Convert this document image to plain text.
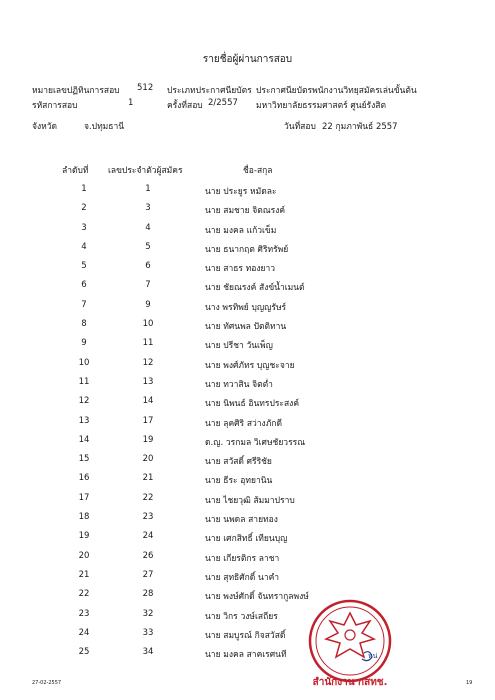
รายชื่อผู้ผ่านการสอบ
หมายเลขปฏิทินการสอบ 512 ประเภทประกาศนียบัตร ประกาศนียบัตรพนักงานวิทยุสมัครเล่นขั้นต้น
รหัสการสอบ	1	ครั้งที่สอบ 2/2557 มหาวิทยาลัยธรรมศาสตร์ ศูนย์รังสิต
จังหวัด	จ.ปทุมธานี	วันที่สอบ 22 กุมภาพันธ์ 2557
ลำดับที่ เลขประจำตัวผู้สมัคร	ชื่อ-สกุล
1	1	นาย ประยูร หมัดละ
2	3	นาย สมชาย จิตณรงค์
3	4	นาย มงคล แก้วเข็ม
4	5	นาย ธนากฤต ศิริทรัพย์
5	6	นาย สาธร ทองยาว
6	7	นาย ชัยณรงค์ สังข์น้ำเมนต์
7	9	นาง พรทิพย์ บุญญรัษร์
8	10	นาย ทัศนพล ปัตติทาน
9	11	นาย ปรีชา วันเพ็ญ
10	12	นาย พงศ์ภัทร บุญชะจาย
11	13	นาย ทวาสิน จิตต่ำ
12	14	นาย นิพนธ์ อินทรประสงค์
13	17	นาย ลุคศิริ สว่างภักดี
14	19	ด.ญ. วรกมล วิเศษชัยวรรณ
15	20	นาย สวัสดิ์ ศรีริชัย
16	21	นาย ธีระ อุทยานิน
17	22	นาย ไชยวุฒิ ส้มมาปราบ
18	23	นาย นพดล สายทอง
19	24	นาย เศกสิทธิ์ เทียนบุญ
20	26	นาย เกียรติกร ลาชา
21	27	นาย สุทธิศักดิ์ นาคำ
22	28	นาย พงษ์ศักดิ์ จันทรากูลพงษ์
23	32	นาย วิกร วงษ์เสถียร
24	33	นาย สมบูรณ์ กิจสวัสดิ์
25	34	นาย มงคล สาคเรศนที
27-02-2557	19
หน่
สำนักงาน กสทช.
